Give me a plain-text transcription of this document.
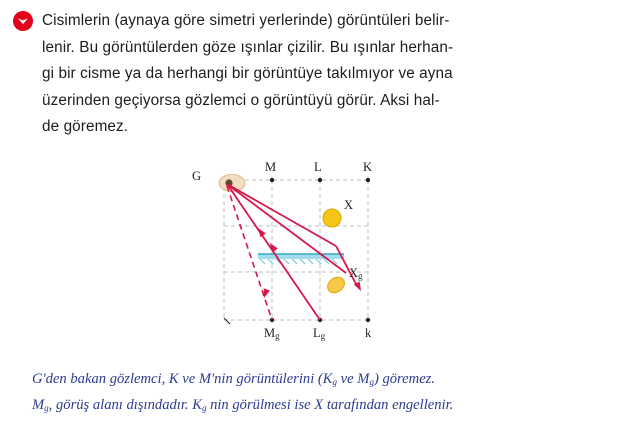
Cisimlerin (aynaya göre simetri yerlerinde) görüntüleri belir-
lenir. Bu görüntülerden göze ışınlar çizilir. Bu ışınlar herhan-
gi bir cisme ya da herhangi bir görüntüye takılmıyor ve ayna
üzerinden geçiyorsa gözlemci o görüntüyü görür. Aksi hal-
de göremez.
G
M	L	K
X
$X_g$
$M_g$	$L_g$	k
G'den bakan gözlemci, K ve M'nin görüntülerini ($K_g$ ve $M_g$) göremez.
$M_g$, görüş alanı dışındadır. $K_g$ nin görülmesi ise X tarafından engellenir.
